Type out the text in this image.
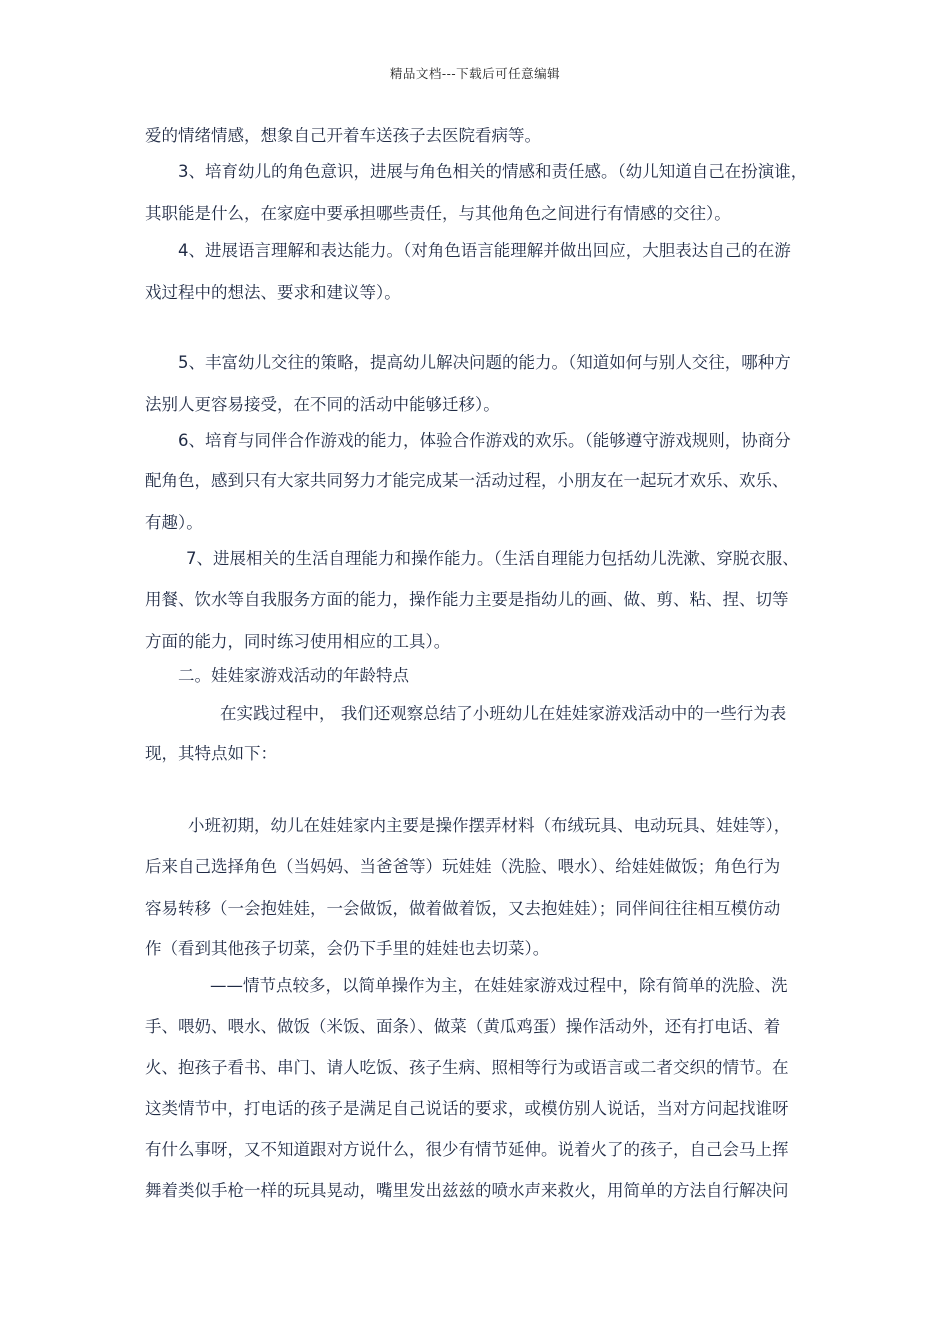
精品文档---下载后可任意编辑
爱的情绪情感，想象自己开着车送孩子去医院看病等。
3、培育幼儿的角色意识，进展与角色相关的情感和责任感。（幼儿知道自己在扮演谁，
其职能是什么，在家庭中要承担哪些责任，与其他角色之间进行有情感的交往）。
4、进展语言理解和表达能力。（对角色语言能理解并做出回应，大胆表达自己的在游
戏过程中的想法、要求和建议等）。
5、丰富幼儿交往的策略，提高幼儿解决问题的能力。（知道如何与别人交往，哪种方
法别人更容易接受，在不同的活动中能够迁移）。
6、培育与同伴合作游戏的能力，体验合作游戏的欢乐。（能够遵守游戏规则，协商分
配角色，感到只有大家共同努力才能完成某一活动过程，小朋友在一起玩才欢乐、欢乐、
有趣）。
7、进展相关的生活自理能力和操作能力。（生活自理能力包括幼儿洗漱、穿脱衣服、
用餐、饮水等自我服务方面的能力，操作能力主要是指幼儿的画、做、剪、粘、捏、切等
方面的能力，同时练习使用相应的工具）。
二。娃娃家游戏活动的年龄特点
在实践过程中， 我们还观察总结了小班幼儿在娃娃家游戏活动中的一些行为表
现，其特点如下：
小班初期，幼儿在娃娃家内主要是操作摆弄材料（布绒玩具、电动玩具、娃娃等），
后来自己选择角色（当妈妈、当爸爸等）玩娃娃（洗脸、喂水）、给娃娃做饭；角色行为
容易转移（一会抱娃娃，一会做饭，做着做着饭，又去抱娃娃）；同伴间往往相互模仿动
作（看到其他孩子切菜，会仍下手里的娃娃也去切菜）。
——情节点较多，以简单操作为主，在娃娃家游戏过程中，除有简单的洗脸、洗
手、喂奶、喂水、做饭（米饭、面条）、做菜（黄瓜鸡蛋）操作活动外，还有打电话、着
火、抱孩子看书、串门、请人吃饭、孩子生病、照相等行为或语言或二者交织的情节。在
这类情节中，打电话的孩子是满足自己说话的要求，或模仿别人说话，当对方问起找谁呀
有什么事呀，又不知道跟对方说什么，很少有情节延伸。说着火了的孩子，自己会马上挥
舞着类似手枪一样的玩具晃动，嘴里发出兹兹的喷水声来救火，用简单的方法自行解决问
